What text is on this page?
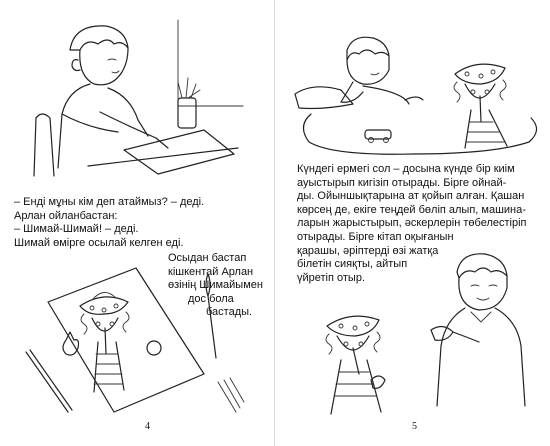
– Енді мұны кім деп атаймыз? – деді.
Арлан ойланбастан:
– Шимай-Шимай! – деді.
Шимай өмірге осылай келген еді.
Осыдан бастап
кішкентай Арлан
өзінің Шимайымен
дос бола
бастады.
4
Күндегі ермегі сол – досына күнде бір киім
ауыстырып кигізіп отырады. Бірге ойнай-
ды. Ойыншықтарына ат қойып алған. Қашан
көрсең де, екіге теңдей бөліп алып, машина-
ларын жарыстырып, әскерлерін төбелестіріп
отырады. Бірге кітап оқығанын
қарашы, әріптерді өзі жатқа
білетін сияқты, айтып
үйретіп отыр.
5
